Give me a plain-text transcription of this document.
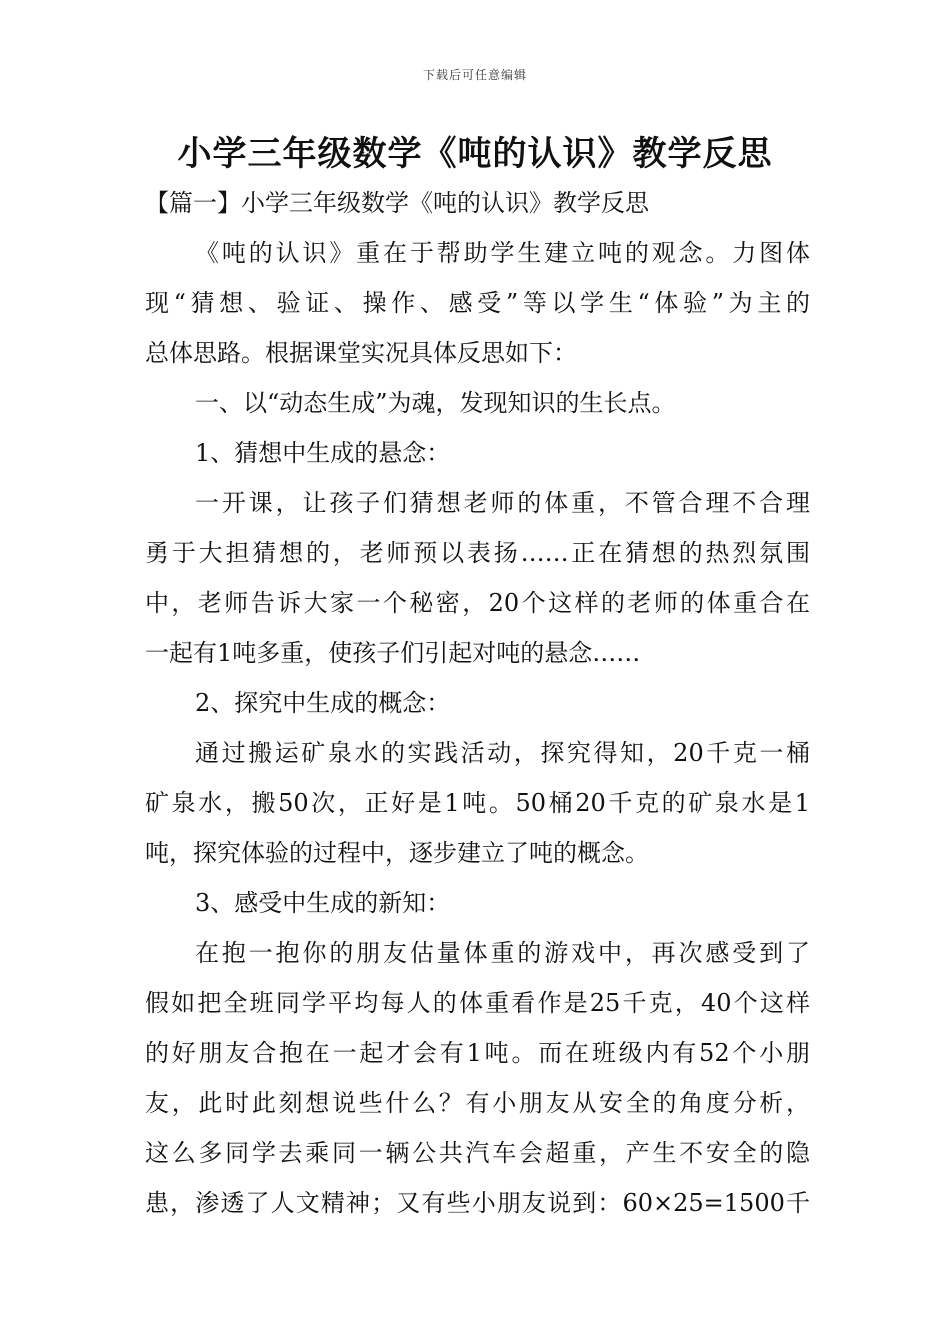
下载后可任意编辑
小学三年级数学《吨的认识》教学反思
【篇一】小学三年级数学《吨的认识》教学反思
《吨的认识》重在于帮助学生建立吨的观念。力图体
现“猜想、验证、操作、感受”等以学生“体验”为主的
总体思路。根据课堂实况具体反思如下：
一、以“动态生成”为魂，发现知识的生长点。
1、猜想中生成的悬念：
一开课，让孩子们猜想老师的体重，不管合理不合理
勇于大担猜想的，老师预以表扬……正在猜想的热烈氛围
中，老师告诉大家一个秘密，20个这样的老师的体重合在
一起有1吨多重，使孩子们引起对吨的悬念……
2、探究中生成的概念：
通过搬运矿泉水的实践活动，探究得知，20千克一桶
矿泉水，搬50次，正好是1吨。50桶20千克的矿泉水是1
吨，探究体验的过程中，逐步建立了吨的概念。
3、感受中生成的新知：
在抱一抱你的朋友估量体重的游戏中，再次感受到了
假如把全班同学平均每人的体重看作是25千克，40个这样
的好朋友合抱在一起才会有1吨。而在班级内有52个小朋
友，此时此刻想说些什么？有小朋友从安全的角度分析，
这么多同学去乘同一辆公共汽车会超重，产生不安全的隐
患，渗透了人文精神；又有些小朋友说到：60×25=1500千
